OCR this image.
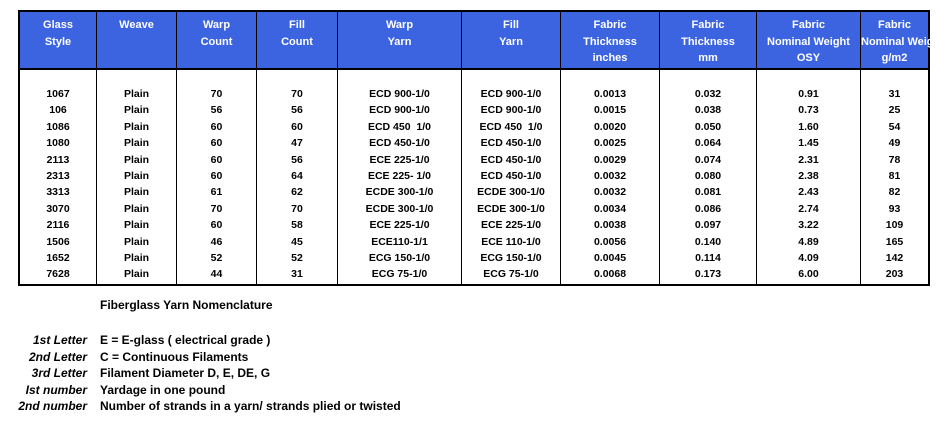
Glass
Style
Weave	Warp
Count
Fill
Count
Warp
Yarn
Fill
Yarn
Fabric
Thickness
inches
Fabric
Thickness
mm
Fabric
Nominal Weight
OSY
Fabric
Nominal Weight
g/m2
1067
106
1086
1080
2113
2313
3313
3070
2116
1506
1652
7628
Plain
Plain
Plain
Plain
Plain
Plain
Plain
Plain
Plain
Plain
Plain
Plain
70
56
60
60
60
60
61
70
60
46
52
44
70
56
60
47
56
64
62
70
58
45
52
31
ECD 900-1/0
ECD 900-1/0
ECD 450  1/0
ECD 450-1/0
ECE 225-1/0
ECE 225- 1/0
ECDE 300-1/0
ECDE 300-1/0
ECE 225-1/0
ECE110-1/1
ECG 150-1/0
ECG 75-1/0
ECD 900-1/0
ECD 900-1/0
ECD 450  1/0
ECD 450-1/0
ECD 450-1/0
ECD 450-1/0
ECDE 300-1/0
ECDE 300-1/0
ECE 225-1/0
ECE 110-1/0
ECG 150-1/0
ECG 75-1/0
0.0013
0.0015
0.0020
0.0025
0.0029
0.0032
0.0032
0.0034
0.0038
0.0056
0.0045
0.0068
0.032
0.038
0.050
0.064
0.074
0.080
0.081
0.086
0.097
0.140
0.114
0.173
0.91
0.73
1.60
1.45
2.31
2.38
2.43
2.74
3.22
4.89
4.09
6.00
31
25
54
49
78
81
82
93
109
165
142
203
Fiberglass Yarn Nomenclature
1st Letter E = E-glass ( electrical grade )
2nd Letter C = Continuous Filaments
3rd Letter Filament Diameter D, E, DE, G
Ist number Yardage in one pound
2nd number Number of strands in a yarn/ strands plied or twisted
